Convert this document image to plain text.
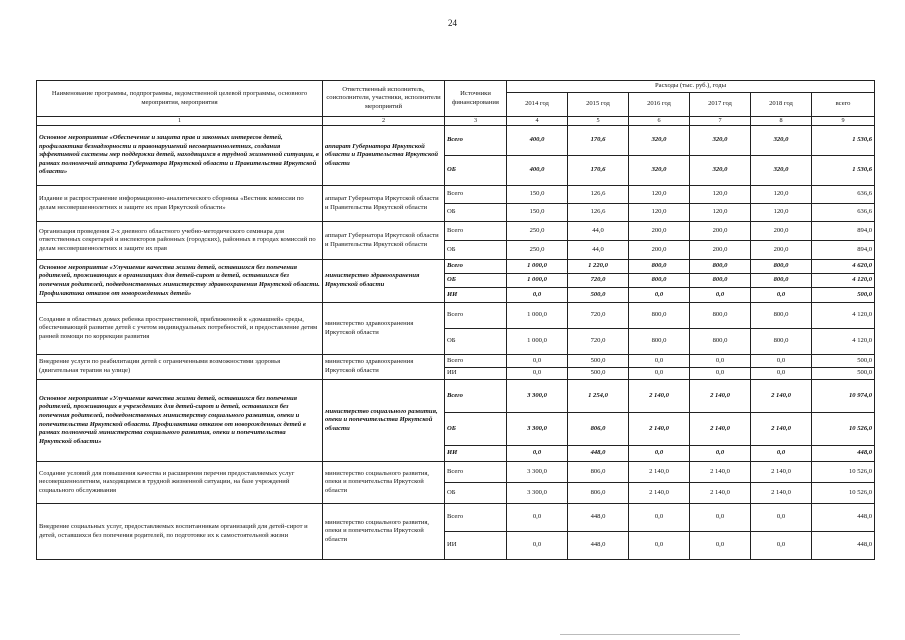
24
Наименование программы, подпрограммы, ведомственной целевой программы, основного мероприятия, мероприятия	Ответственный исполнитель, соисполнители, участники, исполнители мероприятий	Источники финансирования	Расходы (тыс. руб.), годы					
			2014 год	2015 год	2016 год	2017 год	2018 год	всего
1	2	3	4	5	6	7	8	9
Основное мероприятие «Обеспечение и защита прав и законных интересов детей, профилактика безнадзорности и правонарушений несовершеннолетних, создания эффективной системы мер поддержки детей, находящихся в трудной жизненной ситуации, в рамках полномочий аппарата Губернатора Иркутской области и Правительства Иркутской области»	аппарат Губернатора Иркутской области и Правительства Иркутской области	Всего	400,0	170,6	320,0	320,0	320,0	1 530,6
		ОБ	400,0	170,6	320,0	320,0	320,0	1 530,6
Издание и распространение информационно-аналитического сборника «Вестник комиссии по делам несовершеннолетних и защите их прав Иркутской области»	аппарат Губернатора Иркутской области и Правительства Иркутской области	Всего	150,0	126,6	120,0	120,0	120,0	636,6
		ОБ	150,0	126,6	120,0	120,0	120,0	636,6
Организация проведения 2-х дневного областного учебно-методического семинара для ответственных секретарей и инспекторов районных (городских), районных в городах комиссий по делам несовершеннолетних и защите их прав	аппарат Губернатора Иркутской области и Правительства Иркутской области	Всего	250,0	44,0	200,0	200,0	200,0	894,0
		ОБ	250,0	44,0	200,0	200,0	200,0	894,0
Основное мероприятие «Улучшение качества жизни детей, оставшихся без попечения родителей, проживающих в организациях для детей-сирот и детей, оставшихся без попечения родителей, подведомственных министерству здравоохранения Иркутской области. Профилактика отказов от новорожденных детей»	министерство здравоохранения Иркутской области	Всего	1 000,0	1 220,0	800,0	800,0	800,0	4 620,0
		ОБ	1 000,0	720,0	800,0	800,0	800,0	4 120,0
		ИИ	0,0	500,0	0,0	0,0	0,0	500,0
Создание в областных домах ребенка пространственной, приближенной к «домашней» среды, обеспечивающей развитие детей с учетом индивидуальных потребностей, и предоставление детям ранней помощи по коррекции развития	министерство здравоохранения Иркутской области	Всего	1 000,0	720,0	800,0	800,0	800,0	4 120,0
		ОБ	1 000,0	720,0	800,0	800,0	800,0	4 120,0
Внедрение услуги по реабилитации детей с ограниченными возможностями здоровья (двигательная терапия на улице)	министерство здравоохранения Иркутской области	Всего	0,0	500,0	0,0	0,0	0,0	500,0
		ИИ	0,0	500,0	0,0	0,0	0,0	500,0
Основное мероприятие «Улучшение качества жизни детей, оставшихся без попечения родителей, проживающих в учреждениях для детей-сирот и детей, оставшихся без попечения родителей, подведомственных министерству социального развития, опеки и попечительства Иркутской области. Профилактика отказов от новорожденных детей в рамках полномочий министерства социального развития, опеки и попечительства Иркутской области»	министерство социального развития, опеки и попечительства Иркутской области	Всего	3 300,0	1 254,0	2 140,0	2 140,0	2 140,0	10 974,0
		ОБ	3 300,0	806,0	2 140,0	2 140,0	2 140,0	10 526,0
		ИИ	0,0	448,0	0,0	0,0	0,0	448,0
Создание условий для повышения качества и расширения перечня предоставляемых услуг несовершеннолетним, находящимся в трудной жизненной ситуации, на базе учреждений социального обслуживания	министерство социального развития, опеки и попечительства Иркутской области	Всего	3 300,0	806,0	2 140,0	2 140,0	2 140,0	10 526,0
		ОБ	3 300,0	806,0	2 140,0	2 140,0	2 140,0	10 526,0
Внедрение социальных услуг, предоставляемых воспитанникам организаций для детей-сирот и детей, оставшихся без попечения родителей, по подготовке их к самостоятельной жизни	министерство социального развития, опеки и попечительства Иркутской области	Всего	0,0	448,0	0,0	0,0	0,0	448,0
		ИИ	0,0	448,0	0,0	0,0	0,0	448,0
